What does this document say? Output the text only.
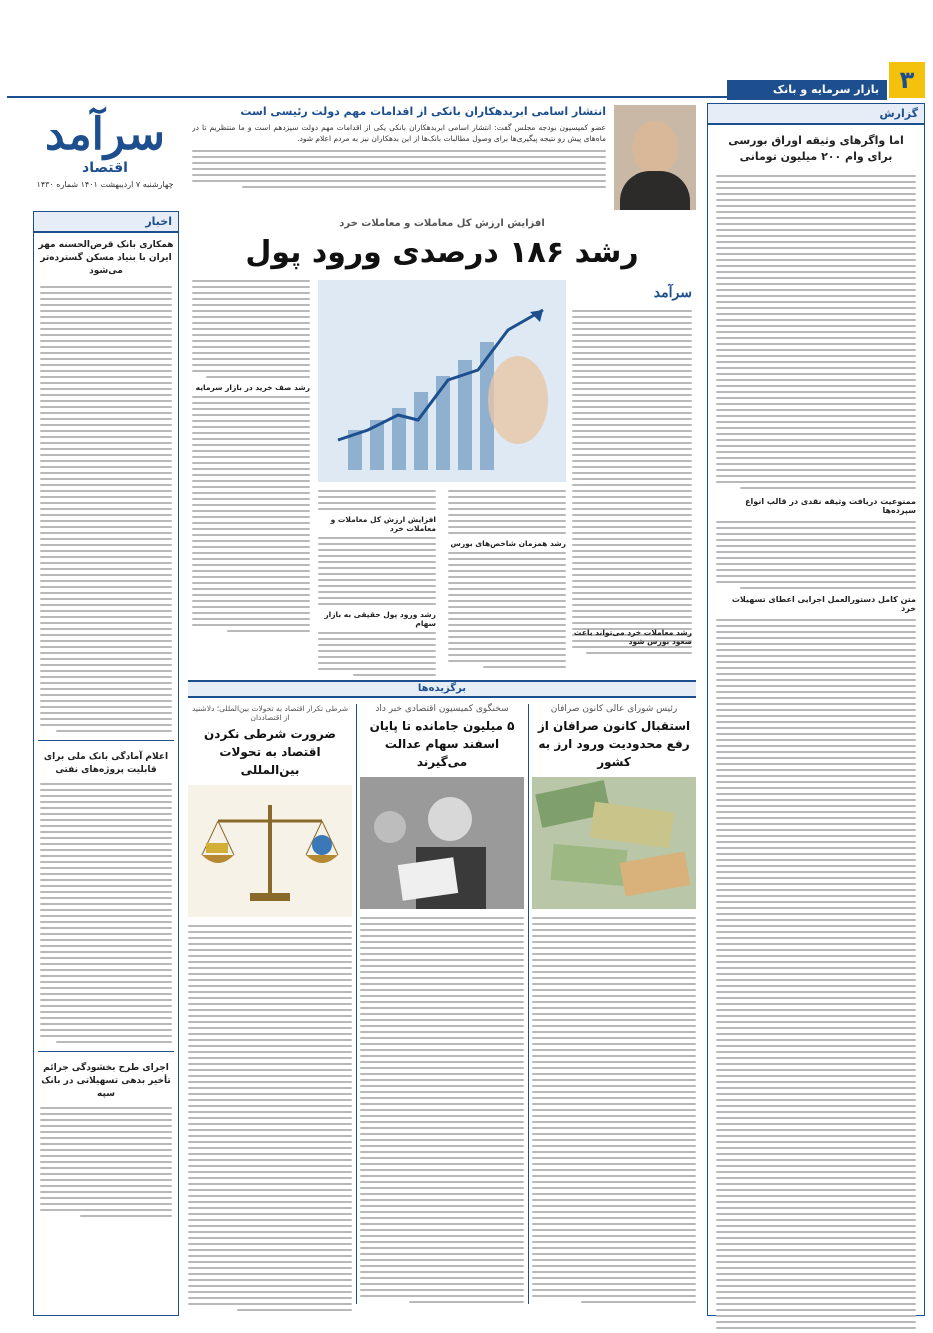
۳
بازار سرمایه و بانک
سرآمد
اقتصاد
چهارشنبه ۷ اردیبهشت ۱۴۰۱ شماره ۱۴۳۰
انتشار اسامی ابربدهکاران بانکی از اقدامات مهم دولت رئیسی است
عضو کمیسیون بودجه مجلس گفت: انتشار اسامی ابربدهکاران بانکی یکی از اقدامات مهم دولت سیزدهم است و ما منتظریم تا در ماه‌های پیش رو نتیجه پیگیری‌ها برای وصول مطالبات بانک‌ها از این بدهکاران نیز به مردم اعلام شود.
گزارش
اما واگرهای وثیقه اوراق بورسی برای وام ۲۰۰ میلیون تومانی
ممنوعیت دریافت وثیقه نقدی در قالب انواع سپرده‌ها
متن کامل دستورالعمل اجرایی اعطای تسهیلات خرد
اخبار
همکاری بانک قرض‌الحسنه مهر ایران با بنیاد مسکن گسترده‌تر می‌شود
اعلام آمادگی بانک ملی برای قابلیت پروژه‌های نفتی
اجرای طرح بخشودگی جرائم تأخیر بدهی تسهیلاتی در بانک سپه
افزایش ارزش کل معاملات و معاملات خرد
رشد ۱۸۶ درصدی ورود پول
سرآمد
رشد صف خرید در بازار سرمایه
رشد همزمان شاخص‌های بورس
افزایش ارزش کل معاملات و معاملات خرد
رشد ورود پول حقیقی به بازار سهام
رشد معاملات خرد می‌تواند باعث صعود بورس شود
برگزیده‌ها
رئیس شورای عالی کانون صرافان
استقبال کانون صرافان از رفع محدودیت ورود ارز به کشور
سخنگوی کمیسیون اقتصادی خبر داد
۵ میلیون جامانده تا پایان اسفند سهام عدالت می‌گیرند
شرطی تکرار اقتصاد به تحولات بین‌المللی؛ دلاشنید از اقتصاددان
ضرورت شرطی نکردن اقتصاد به تحولات بین‌المللی
